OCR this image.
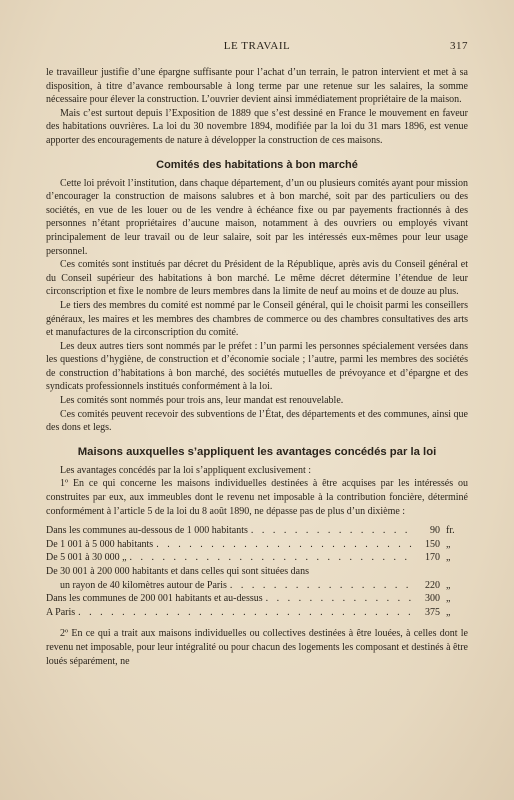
LE TRAVAIL	317

le travailleur justifie d’une épargne suffisante pour l’achat d’un terrain, le patron intervient et met à sa disposition, à titre d’avance remboursable à long terme par une retenue sur les salaires, la somme nécessaire pour élever la construction. L’ouvrier devient ainsi immédiatement propriétaire de la maison.

Mais c’est surtout depuis l’Exposition de 1889 que s’est dessiné en France le mouvement en faveur des habitations ouvrières. La loi du 30 novembre 1894, modifiée par la loi du 31 mars 1896, est venue apporter des encouragements de nature à développer la construction de ces maisons.

Comités des habitations à bon marché

Cette loi prévoit l’institution, dans chaque département, d’un ou plusieurs comités ayant pour mission d’encourager la construction de maisons salubres et à bon marché, soit par des particuliers ou des sociétés, en vue de les louer ou de les vendre à échéance fixe ou par payements fractionnés à des personnes n’étant propriétaires d’aucune maison, notamment à des ouvriers ou employés vivant principalement de leur travail ou de leur salaire, soit par les intéressés eux-mêmes pour leur usage personnel.

Ces comités sont institués par décret du Président de la République, après avis du Conseil général et du Conseil supérieur des habitations à bon marché. Le même décret détermine l’étendue de leur circonscription et fixe le nombre de leurs membres dans la limite de neuf au moins et de douze au plus.

Le tiers des membres du comité est nommé par le Conseil général, qui le choisit parmi les conseillers généraux, les maires et les membres des chambres de commerce ou des chambres consultatives des arts et manufactures de la circonscription du comité.

Les deux autres tiers sont nommés par le préfet : l’un parmi les personnes spécialement versées dans les questions d’hygiène, de construction et d’économie sociale ; l’autre, parmi les membres des sociétés de construction d’habitations à bon marché, des sociétés mutuelles de prévoyance et d’épargne et des syndicats professionnels institués conformément à la loi.

Les comités sont nommés pour trois ans, leur mandat est renouvelable.

Ces comités peuvent recevoir des subventions de l’État, des départements et des communes, ainsi que des dons et legs.

Maisons auxquelles s’appliquent les avantages concédés par la loi

Les avantages concédés par la loi s’appliquent exclusivement :

1º En ce qui concerne les maisons individuelles destinées à être acquises par les intéressés ou construites par eux, aux immeubles dont le revenu net imposable à la contribution foncière, déterminé conformément à l’article 5 de la loi du 8 août 1890, ne dépasse pas de plus d’un dixième :

Dans les communes au-dessous de 1 000 habitants . . .	90 fr.
De 1 001 à 5 000 habitants . . .	150 „
De 5 001 à 30 000 „ . . .	170 „
De 30 001 à 200 000 habitants et dans celles qui sont situées dans
un rayon de 40 kilomètres autour de Paris . . .	220 „
Dans les communes de 200 001 habitants et au-dessus . . .	300 „
A Paris . . .	375 „

2º En ce qui a trait aux maisons individuelles ou collectives destinées à être louées, à celles dont le revenu net imposable, pour leur intégralité ou pour chacun des logements les composant et destinés à être loués séparément, ne
